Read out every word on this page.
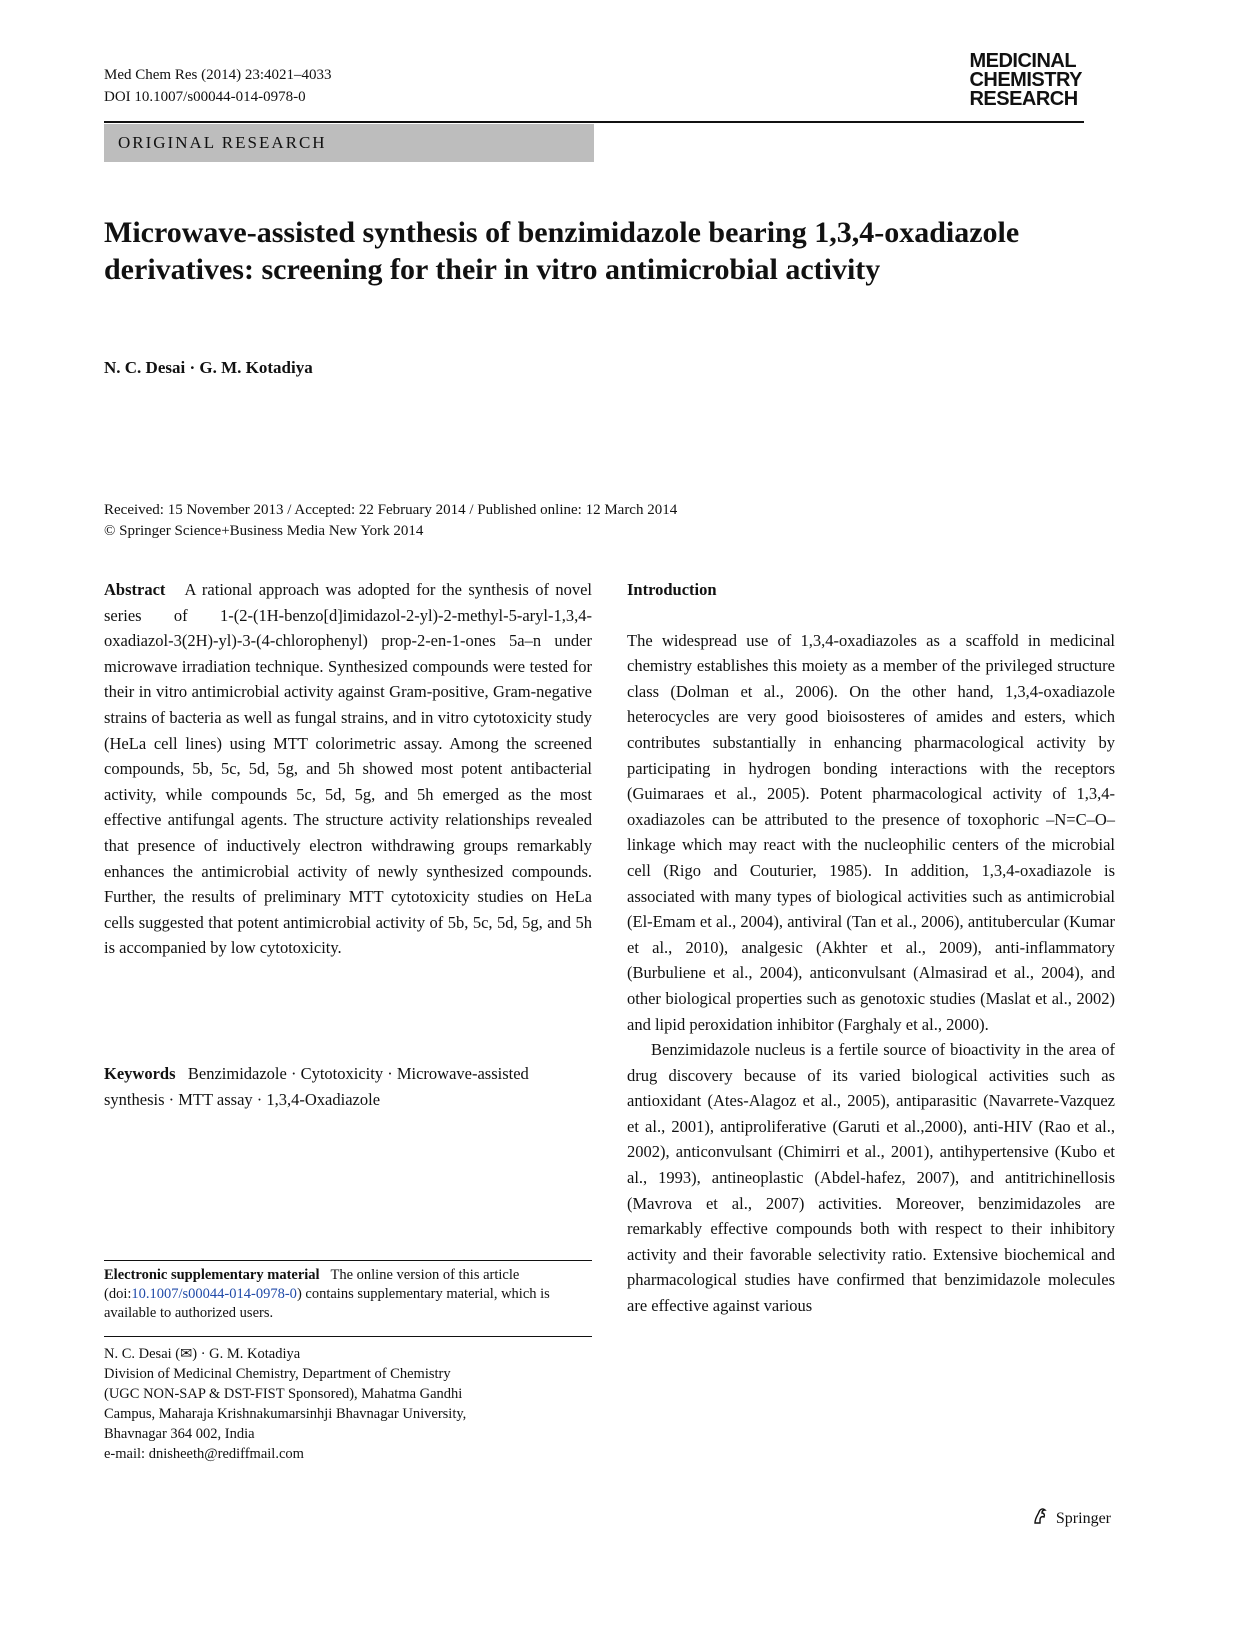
Med Chem Res (2014) 23:4021–4033
DOI 10.1007/s00044-014-0978-0
MEDICINAL
CHEMISTRY
RESEARCH
ORIGINAL RESEARCH
Microwave-assisted synthesis of benzimidazole bearing 1,3,4-oxadiazole derivatives: screening for their in vitro antimicrobial activity
N. C. Desai · G. M. Kotadiya
Received: 15 November 2013 / Accepted: 22 February 2014 / Published online: 12 March 2014
© Springer Science+Business Media New York 2014

Abstract A rational approach was adopted for the synthesis of novel series of 1-(2-(1H-benzo[d]imidazol-2-yl)-2-methyl-5-aryl-1,3,4-oxadiazol-3(2H)-yl)-3-(4-chlorophenyl) prop-2-en-1-ones 5a–n under microwave irradiation technique. Synthesized compounds were tested for their in vitro antimicrobial activity against Gram-positive, Gram-negative strains of bacteria as well as fungal strains, and in vitro cytotoxicity study (HeLa cell lines) using MTT colorimetric assay. Among the screened compounds, 5b, 5c, 5d, 5g, and 5h showed most potent antibacterial activity, while compounds 5c, 5d, 5g, and 5h emerged as the most effective antifungal agents. The structure activity relationships revealed that presence of inductively electron withdrawing groups remarkably enhances the antimicrobial activity of newly synthesized compounds. Further, the results of preliminary MTT cytotoxicity studies on HeLa cells suggested that potent antimicrobial activity of 5b, 5c, 5d, 5g, and 5h is accompanied by low cytotoxicity.

Keywords Benzimidazole · Cytotoxicity · Microwave-assisted synthesis · MTT assay · 1,3,4-Oxadiazole
Electronic supplementary material The online version of this article (doi:10.1007/s00044-014-0978-0) contains supplementary material, which is available to authorized users.
N. C. Desai (✉) · G. M. Kotadiya
Division of Medicinal Chemistry, Department of Chemistry
(UGC NON-SAP & DST-FIST Sponsored), Mahatma Gandhi
Campus, Maharaja Krishnakumarsinhji Bhavnagar University,
Bhavnagar 364 002, India
e-mail: dnisheeth@rediffmail.com

Introduction

The widespread use of 1,3,4-oxadiazoles as a scaffold in medicinal chemistry establishes this moiety as a member of the privileged structure class (Dolman et al., 2006). On the other hand, 1,3,4-oxadiazole heterocycles are very good bioisosteres of amides and esters, which contributes substantially in enhancing pharmacological activity by participating in hydrogen bonding interactions with the receptors (Guimaraes et al., 2005). Potent pharmacological activity of 1,3,4-oxadiazoles can be attributed to the presence of toxophoric –N=C–O– linkage which may react with the nucleophilic centers of the microbial cell (Rigo and Couturier, 1985). In addition, 1,3,4-oxadiazole is associated with many types of biological activities such as antimicrobial (El-Emam et al., 2004), antiviral (Tan et al., 2006), antitubercular (Kumar et al., 2010), analgesic (Akhter et al., 2009), anti-inflammatory (Burbuliene et al., 2004), anticonvulsant (Almasirad et al., 2004), and other biological properties such as genotoxic studies (Maslat et al., 2002) and lipid peroxidation inhibitor (Farghaly et al., 2000).

Benzimidazole nucleus is a fertile source of bioactivity in the area of drug discovery because of its varied biological activities such as antioxidant (Ates-Alagoz et al., 2005), antiparasitic (Navarrete-Vazquez et al., 2001), antiproliferative (Garuti et al.,2000), anti-HIV (Rao et al., 2002), anticonvulsant (Chimirri et al., 2001), antihypertensive (Kubo et al., 1993), antineoplastic (Abdel-hafez, 2007), and antitrichinellosis (Mavrova et al., 2007) activities. Moreover, benzimidazoles are remarkably effective compounds both with respect to their inhibitory activity and their favorable selectivity ratio. Extensive biochemical and pharmacological studies have confirmed that benzimidazole molecules are effective against various

Springer
